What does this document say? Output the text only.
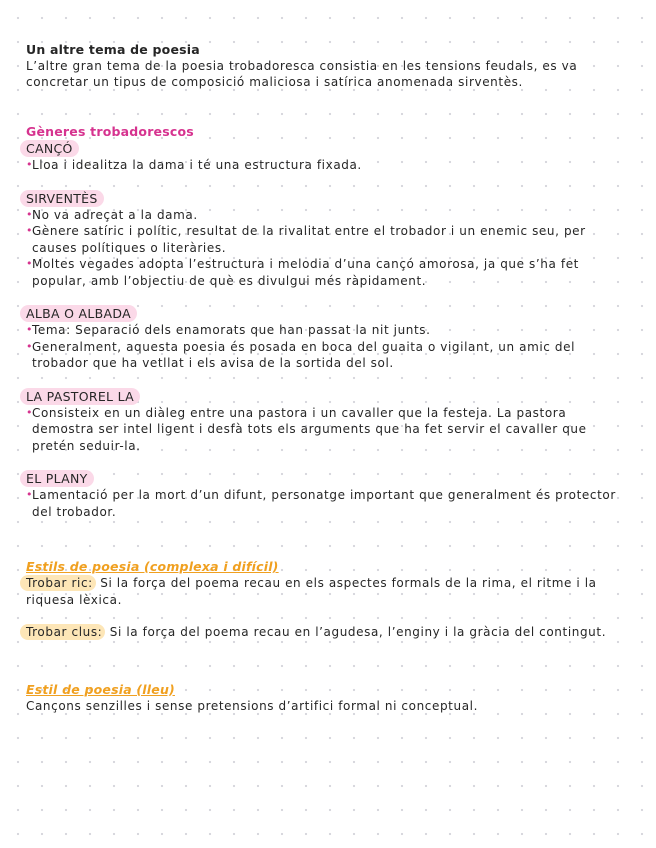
Un altre tema de poesia

L’altre gran tema de la poesia trobadoresca consistia en les tensions feudals, es va concretar un tipus de composició maliciosa i satírica anomenada sirventès.

Gèneres trobadorescos
CANÇÓ

•
Lloa i idealitza la dama i té una estructura fixada.

SIRVENTÈS

•
No va adreçat a la dama.

•
Gènere satíric i polític, resultat de la rivalitat entre el trobador i un enemic seu, per causes polítiques o literàries.

•
Moltes vegades adopta l’estructura i melodia d’una cançó amorosa, ja que s’ha fet popular, amb l’objectiu de què es divulgui més ràpidament.

ALBA O ALBADA

•
Tema: Separació dels enamorats que han passat la nit junts.

•
Generalment, aquesta poesia és posada en boca del guaita o vigilant, un amic del trobador que ha vetllat i els avisa de la sortida del sol.

LA PASTOREL LA

•
Consisteix en un diàleg entre una pastora i un cavaller que la festeja. La pastora demostra ser intel ligent i desfà tots els arguments que ha fet servir el cavaller que pretén seduir-la.

EL PLANY

•
Lamentació per la mort d’un difunt, personatge important que generalment és protector del trobador.

Estils de poesia (complexa i difícil)

Trobar ric: Si la força del poema recau en els aspectes formals de la rima, el ritme i la riquesa lèxica.

Trobar clus: Si la força del poema recau en l’agudesa, l’enginy i la gràcia del contingut.

Estil de poesia (lleu)

Cançons senzilles i sense pretensions d’artifici formal ni conceptual.
